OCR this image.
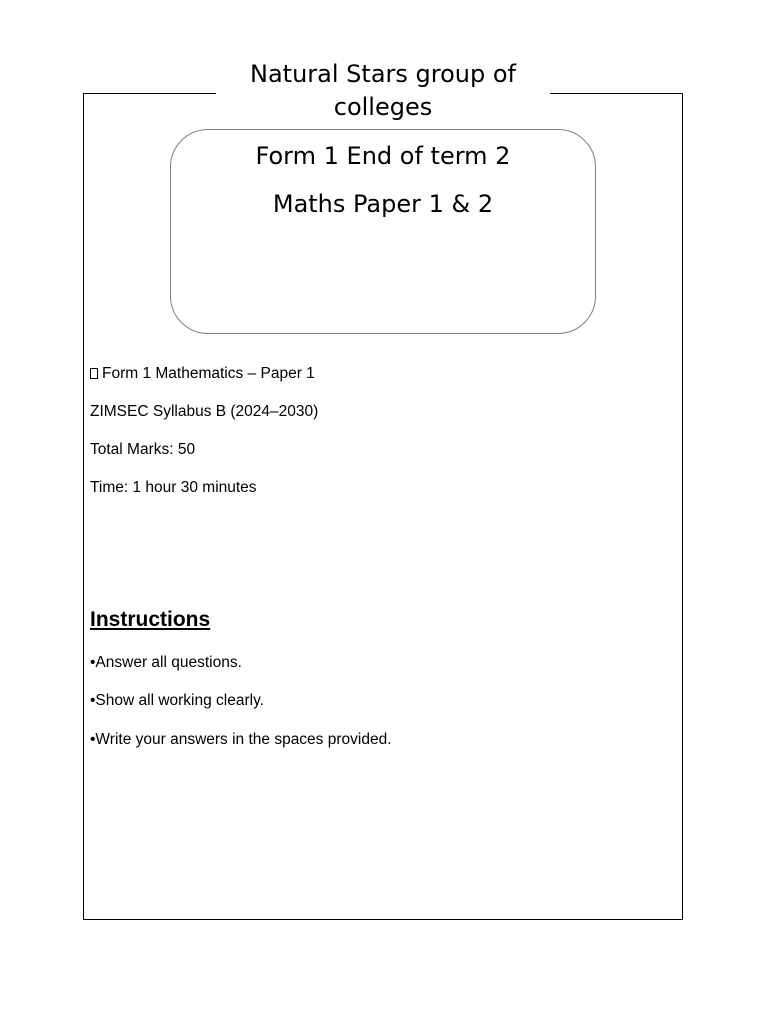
Natural Stars group of
colleges

Form 1 End of term 2

Maths Paper 1 & 2

Form 1 Mathematics – Paper 1
ZIMSEC Syllabus B (2024–2030)
Total Marks: 50
Time: 1 hour 30 minutes
Instructions
•Answer all questions.
•Show all working clearly.
•Write your answers in the spaces provided.
